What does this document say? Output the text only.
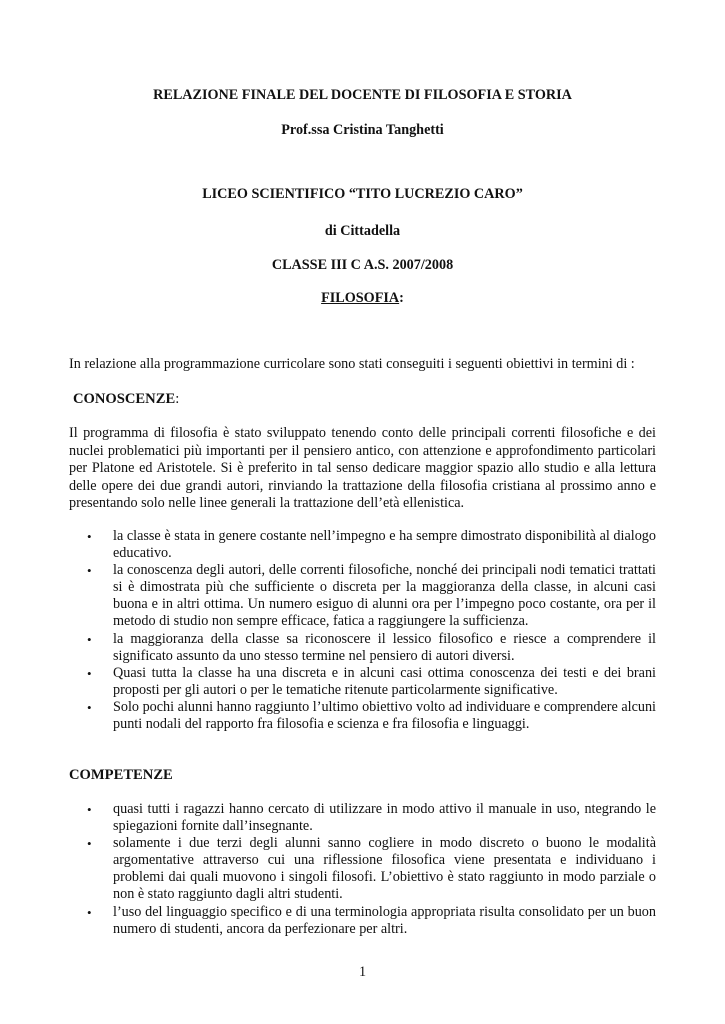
RELAZIONE FINALE DEL DOCENTE DI FILOSOFIA E STORIA
Prof.ssa Cristina Tanghetti
LICEO SCIENTIFICO “TITO LUCREZIO CARO”
di Cittadella
CLASSE III C A.S. 2007/2008
FILOSOFIA:
In relazione alla programmazione curricolare sono stati conseguiti i seguenti obiettivi in termini di :
CONOSCENZE:
Il programma di filosofia è stato sviluppato tenendo conto delle principali correnti filosofiche e dei nuclei problematici più importanti per il pensiero antico, con attenzione e approfondimento particolari per Platone ed Aristotele. Si è preferito in tal senso dedicare maggior spazio allo studio e alla lettura delle opere dei due grandi autori, rinviando la trattazione della filosofia cristiana al prossimo anno e presentando solo nelle linee generali la trattazione dell’età ellenistica.
• la classe è stata in genere costante nell’impegno e ha sempre dimostrato disponibilità al dialogo educativo.
• la conoscenza degli autori, delle correnti filosofiche, nonché dei principali nodi tematici trattati si è dimostrata più che sufficiente o discreta per la maggioranza della classe, in alcuni casi buona e in altri ottima. Un numero esiguo di alunni ora per l’impegno poco costante, ora per il metodo di studio non sempre efficace, fatica a raggiungere la sufficienza.
• la maggioranza della classe sa riconoscere il lessico filosofico e riesce a comprendere il significato assunto da uno stesso termine nel pensiero di autori diversi.
• Quasi tutta la classe ha una discreta e in alcuni casi ottima conoscenza dei testi e dei brani proposti per gli autori o per le tematiche ritenute particolarmente significative.
• Solo pochi alunni hanno raggiunto l’ultimo obiettivo volto ad individuare e comprendere alcuni punti nodali del rapporto fra filosofia e scienza e fra filosofia e linguaggi.
COMPETENZE
• quasi tutti i ragazzi hanno cercato di utilizzare in modo attivo il manuale in uso, ntegrando le spiegazioni fornite dall’insegnante.
• solamente i due terzi degli alunni sanno cogliere in modo discreto o buono le modalità argomentative attraverso cui una riflessione filosofica viene presentata e individuano i problemi dai quali muovono i singoli filosofi. L’obiettivo è stato raggiunto in modo parziale o non è stato raggiunto dagli altri studenti.
• l’uso del linguaggio specifico e di una terminologia appropriata risulta consolidato per un buon numero di studenti, ancora da perfezionare per altri.
1
